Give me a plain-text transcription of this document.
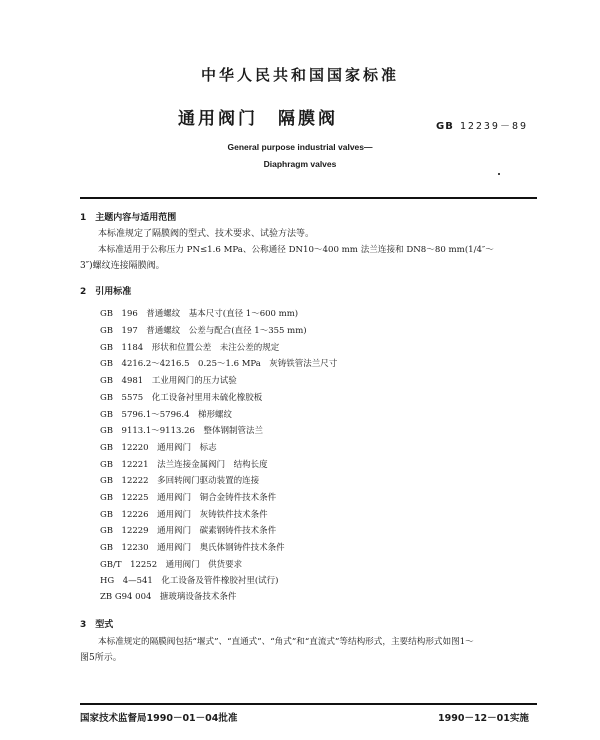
中华人民共和国国家标准
通用阀门　隔膜阀	GB 12239－89
General purpose industrial valves—
Diaphragm valves
1　主题内容与适用范围
本标准规定了隔膜阀的型式、技术要求、试验方法等。
本标准适用于公称压力 PN≤1.6 MPa、公称通径 DN10～400 mm 法兰连接和 DN8～80 mm(1/4″～
3″)螺纹连接隔膜阀。
2　引用标准
GB　196　 普通螺纹　基本尺寸(直径 1～600 mm)
GB　197　 普通螺纹　公差与配合(直径 1～355 mm)
GB　1184　 形状和位置公差　未注公差的规定
GB　4216.2～4216.5　 0.25～1.6 MPa　灰铸铁管法兰尺寸
GB　4981　 工业用阀门的压力试验
GB　5575　 化工设备衬里用未硫化橡胶板
GB　5796.1～5796.4　 梯形螺纹
GB　9113.1～9113.26　 整体钢制管法兰
GB　12220　 通用阀门　标志
GB　12221　 法兰连接金属阀门　结构长度
GB　12222　 多回转阀门驱动装置的连接
GB　12225　 通用阀门　铜合金铸件技术条件
GB　12226　 通用阀门　灰铸铁件技术条件
GB　12229　 通用阀门　碳素钢铸件技术条件
GB　12230　 通用阀门　奥氏体钢铸件技术条件
GB/T　12252　 通用阀门　供货要求
HG　4—541　 化工设备及管件橡胶衬里(试行)
ZB G94 004　 搪玻璃设备技术条件
3　型式
本标准规定的隔膜阀包括“堰式”、“直通式”、“角式”和“直流式”等结构形式，主要结构形式如图1～
图5所示。
国家技术监督局1990－01－04批准	1990－12－01实施
